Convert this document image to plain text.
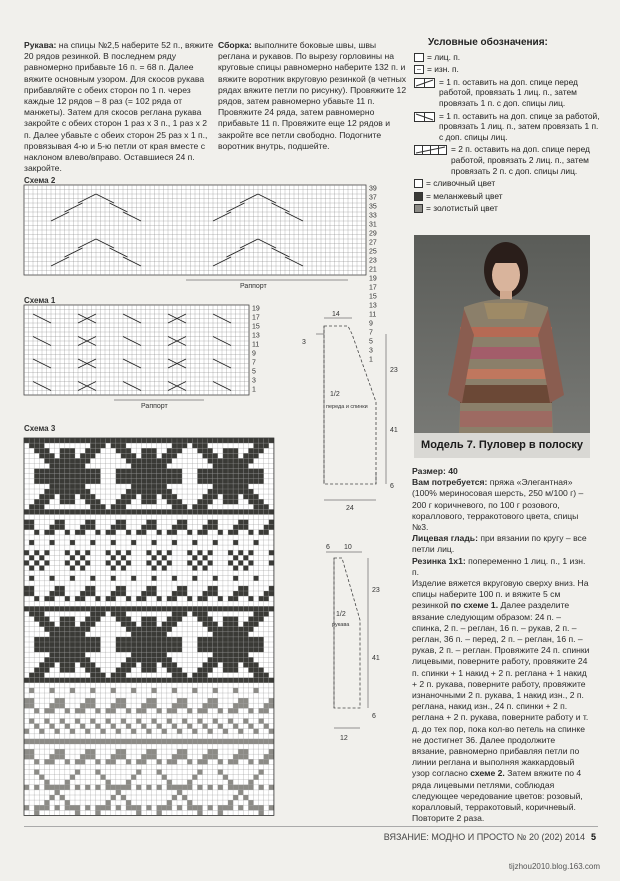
Рукава: на спицы №2,5 наберите 52 п., вяжите 20 рядов резинкой. В последнем ряду равномерно прибавьте 16 п. = 68 п. Далее вяжите основным узором. Для скосов рукава прибавляйте с обеих сторон по 1 п. через каждые 12 рядов – 8 раз (= 102 ряда от манжеты). Затем для скосов реглана рукава закройте с обеих сторон 1 раз х 3 п., 1 раз х 2 п. Далее убавьте с обеих сторон 25 раз х 1 п., провязывая 4-ю и 5-ю петли от края вместе с наклоном влево/вправо. Оставшиеся 24 п. закройте.
Сборка: выполните боковые швы, швы реглана и рукавов. По вырезу горловины на круговые спицы равномерно наберите 132 п. и вяжите воротник вкруговую резинкой (в четных рядах вяжите петли по рисунку). Провяжите 12 рядов, затем равномерно убавьте 11 п. Провяжите 24 ряда, затем равномерно прибавьте 11 п. Провяжите еще 12 рядов и закройте все петли свободно. Подогните воротник внутрь, подшейте.
Условные обозначения:
= лиц. п.
– = изн. п.
= 1 п. оставить на доп. спице перед работой, провязать 1 лиц. п., затем провязать 1 п. с доп. спицы лиц.
= 1 п. оставить на доп. спице за работой, провязать 1 лиц. п., затем провязать 1 п. с доп. спицы лиц.
= 2 п. оставить на доп. спице перед работой, провязать 2 лиц. п., затем провязать 2 п. с доп. спицы лиц.
= сливочный цвет
= меланжевый цвет
= золотистый цвет
Схема 2
39
37
35
33
31
29
27
25
23
21
19
17
15
13
11
9
7
5
3
1
Раппорт
Схема 1
19
17
15
13
11
9
7
5
3
1
Раппорт
Схема 3
14
3
23
41
6
24
1/2
переда и спинки
6 10
23
41
6
12
1/2
рукава
Модель 7. Пуловер в полоску
Размер: 40
Вам потребуется: пряжа «Элегантная» (100% мериносовая шерсть, 250 м/100 г) – 200 г коричневого, по 100 г розового, кораллового, терракотового цвета, спицы №3.
Лицевая гладь: при вязании по кругу – все петли лиц.
Резинка 1х1: попеременно 1 лиц. п., 1 изн. п.
Изделие вяжется вкруговую сверху вниз. На спицы наберите 100 п. и вяжите 5 см резинкой по схеме 1. Далее разделите вязание следующим образом: 24 п. – спинка, 2 п. – реглан, 16 п. – рукав, 2 п. – реглан, 36 п. – перед, 2 п. – реглан, 16 п. – рукав, 2 п. – реглан. Провяжите 24 п. спинки лицевыми, поверните работу, провяжите 24 п. спинки + 1 накид + 2 п. реглана + 1 накид + 2 п. рукава, поверните работу, провяжите изнаночными 2 п. рукава, 1 накид изн., 2 п. реглана, накид изн., 24 п. спинки + 2 п. реглана + 2 п. рукава, поверните работу и т. д. до тех пор, пока кол-во петель на спинке не достигнет 36. Далее продолжите вязание, равномерно прибавляя петли по линии реглана и выполняя жаккардовый узор согласно схеме 2. Затем вяжите по 4 ряда лицевыми петлями, соблюдая следующее чередование цветов: розовый, коралловый, терракотовый, коричневый. Повторите 2 раза.
ВЯЗАНИЕ: МОДНО И ПРОСТО № 20 (202) 2014 5
tijzhou2010.blog.163.com
